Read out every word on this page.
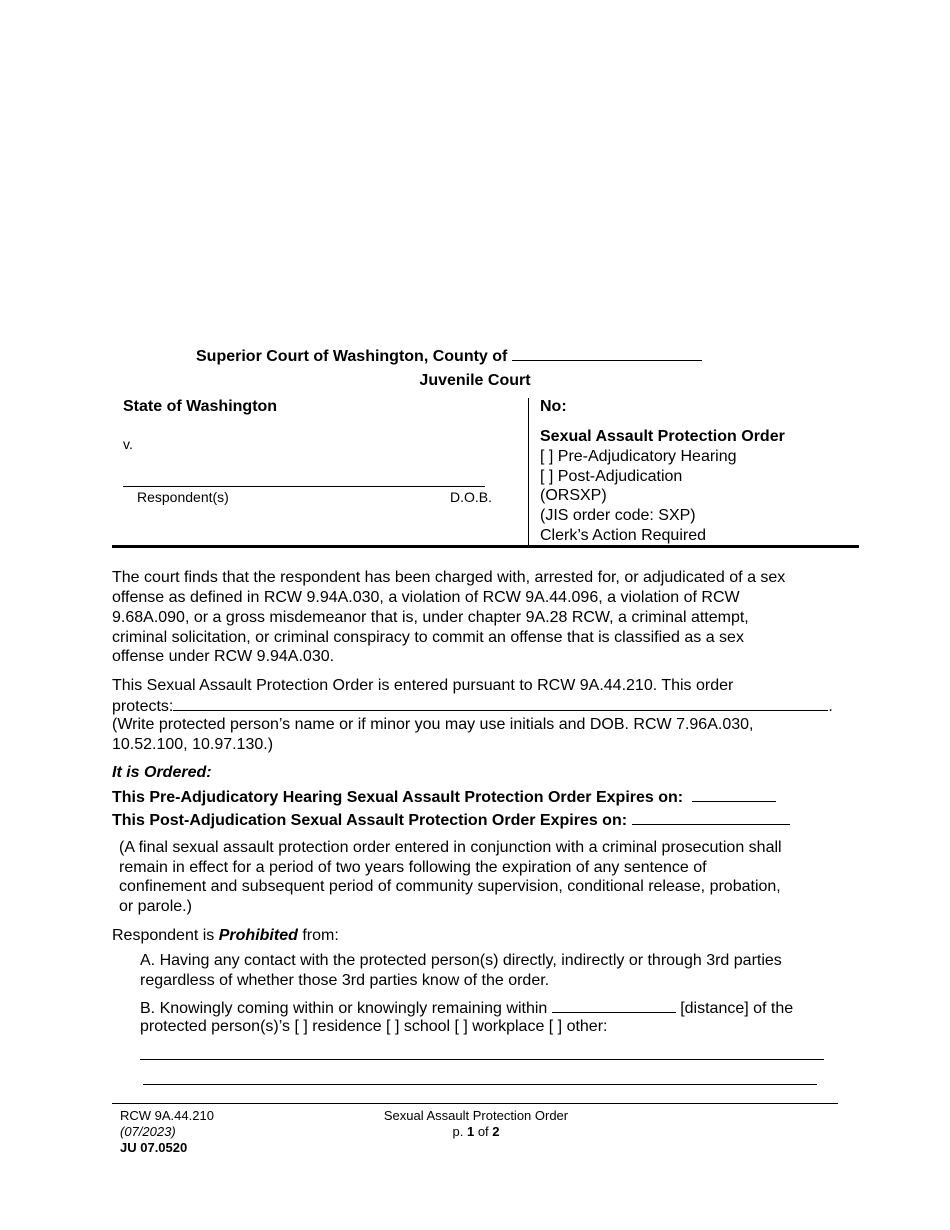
Superior Court of Washington, County of
Juvenile Court
State of Washington
v.
Respondent(s)	D.O.B.
No:
Sexual Assault Protection Order
[ ] Pre-Adjudicatory Hearing
[ ] Post-Adjudication
(ORSXP)
(JIS order code: SXP)
Clerk’s Action Required
The court finds that the respondent has been charged with, arrested for, or adjudicated of a sex
offense as defined in RCW 9.94A.030, a violation of RCW 9A.44.096, a violation of RCW
9.68A.090, or a gross misdemeanor that is, under chapter 9A.28 RCW, a criminal attempt,
criminal solicitation, or criminal conspiracy to commit an offense that is classified as a sex
offense under RCW 9.94A.030.
This Sexual Assault Protection Order is entered pursuant to RCW 9A.44.210. This order
protects:	.
(Write protected person’s name or if minor you may use initials and DOB. RCW 7.96A.030,
10.52.100, 10.97.130.)
It is Ordered:
This Pre-Adjudicatory Hearing Sexual Assault Protection Order Expires on:
This Post-Adjudication Sexual Assault Protection Order Expires on:
(A final sexual assault protection order entered in conjunction with a criminal prosecution shall
remain in effect for a period of two years following the expiration of any sentence of
confinement and subsequent period of community supervision, conditional release, probation,
or parole.)
Respondent is Prohibited from:
A. Having any contact with the protected person(s) directly, indirectly or through 3rd parties
regardless of whether those 3rd parties know of the order.
B. Knowingly coming within or knowingly remaining within	[distance] of the
protected person(s)’s [ ] residence [ ] school [ ] workplace [ ] other:
RCW 9A.44.210
(07/2023)
JU 07.0520
Sexual Assault Protection Order
p. 1 of 2
